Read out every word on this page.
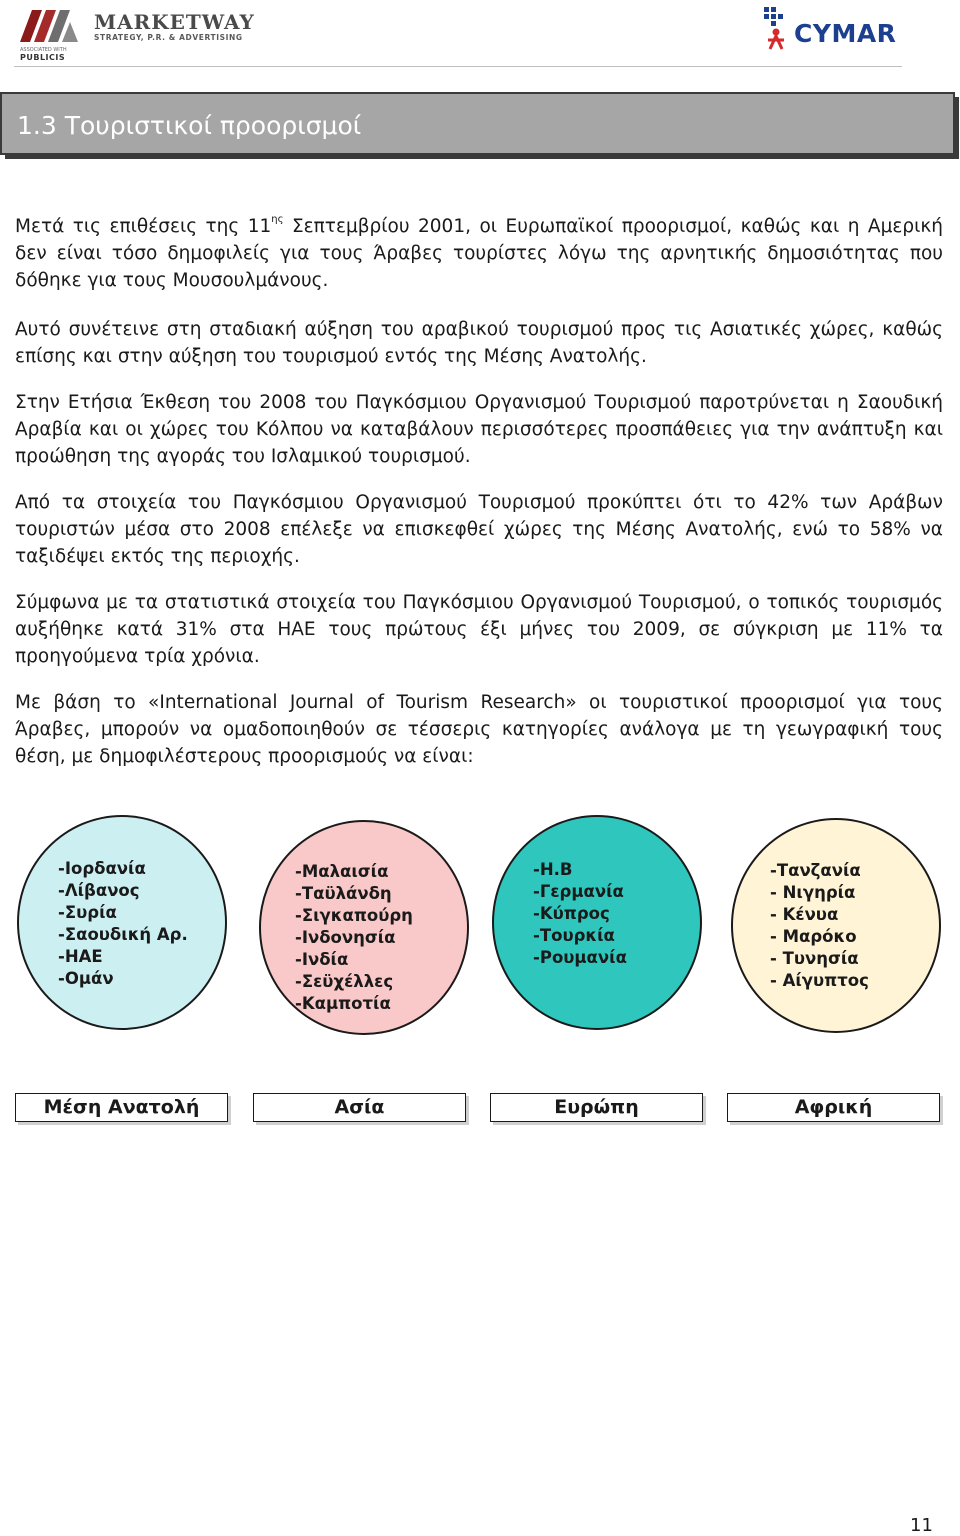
MARKETWAY
STRATEGY, P.R. & ADVERTISING
ASSOCIATED WITH
PUBLICIS
CYMAR
1.3 Τουριστικοί προορισμοί
Μετά τις επιθέσεις της $11^{\eta\varsigma}$ Σεπτεμβρίου 2001, οι Ευρωπαϊκοί προορισμοί, καθώς και η Αμερική δεν είναι τόσο δημοφιλείς για τους Άραβες τουρίστες λόγω της αρνητικής δημοσιότητας που δόθηκε για τους Μουσουλμάνους.
Αυτό συνέτεινε στη σταδιακή αύξηση του αραβικού τουρισμού προς τις Ασιατικές χώρες, καθώς επίσης και στην αύξηση του τουρισμού εντός της Μέσης Ανατολής.
Στην Ετήσια Έκθεση του 2008 του Παγκόσμιου Οργανισμού Τουρισμού παροτρύνεται η Σαουδική Αραβία και οι χώρες του Κόλπου να καταβάλουν περισσότερες προσπάθειες για την ανάπτυξη και προώθηση της αγοράς του Ισλαμικού τουρισμού.
Από τα στοιχεία του Παγκόσμιου Οργανισμού Τουρισμού προκύπτει ότι το 42% των Αράβων τουριστών μέσα στο 2008 επέλεξε να επισκεφθεί χώρες της Μέσης Ανατολής, ενώ το 58% να ταξιδέψει εκτός της περιοχής.
Σύμφωνα με τα στατιστικά στοιχεία του Παγκόσμιου Οργανισμού Τουρισμού, ο τοπικός τουρισμός αυξήθηκε κατά 31% στα ΗΑΕ τους πρώτους έξι μήνες του 2009, σε σύγκριση με 11% τα προηγούμενα τρία χρόνια.
Με βάση το «International Journal of Tourism Research» οι τουριστικοί προορισμοί για τους Άραβες, μπορούν να ομαδοποιηθούν σε τέσσερις κατηγορίες ανάλογα με τη γεωγραφική τους θέση, με δημοφιλέστερους προορισμούς να είναι:
-Ιορδανία
-Λίβανος
-Συρία
-Σαουδική Αρ.
-ΗΑΕ
-Ομάν
-Μαλαισία
-Ταϋλάνδη
-Σιγκαπούρη
-Ινδονησία
-Ινδία
-Σεϋχέλλες
-Καμποτία
-Η.Β
-Γερμανία
-Κύπρος
-Τουρκία
-Ρουμανία
-Τανζανία
- Νιγηρία
- Κένυα
- Μαρόκο
- Τυνησία
- Αίγυπτος
Μέση Ανατολή	Ασία	Ευρώπη	Αφρική
11
